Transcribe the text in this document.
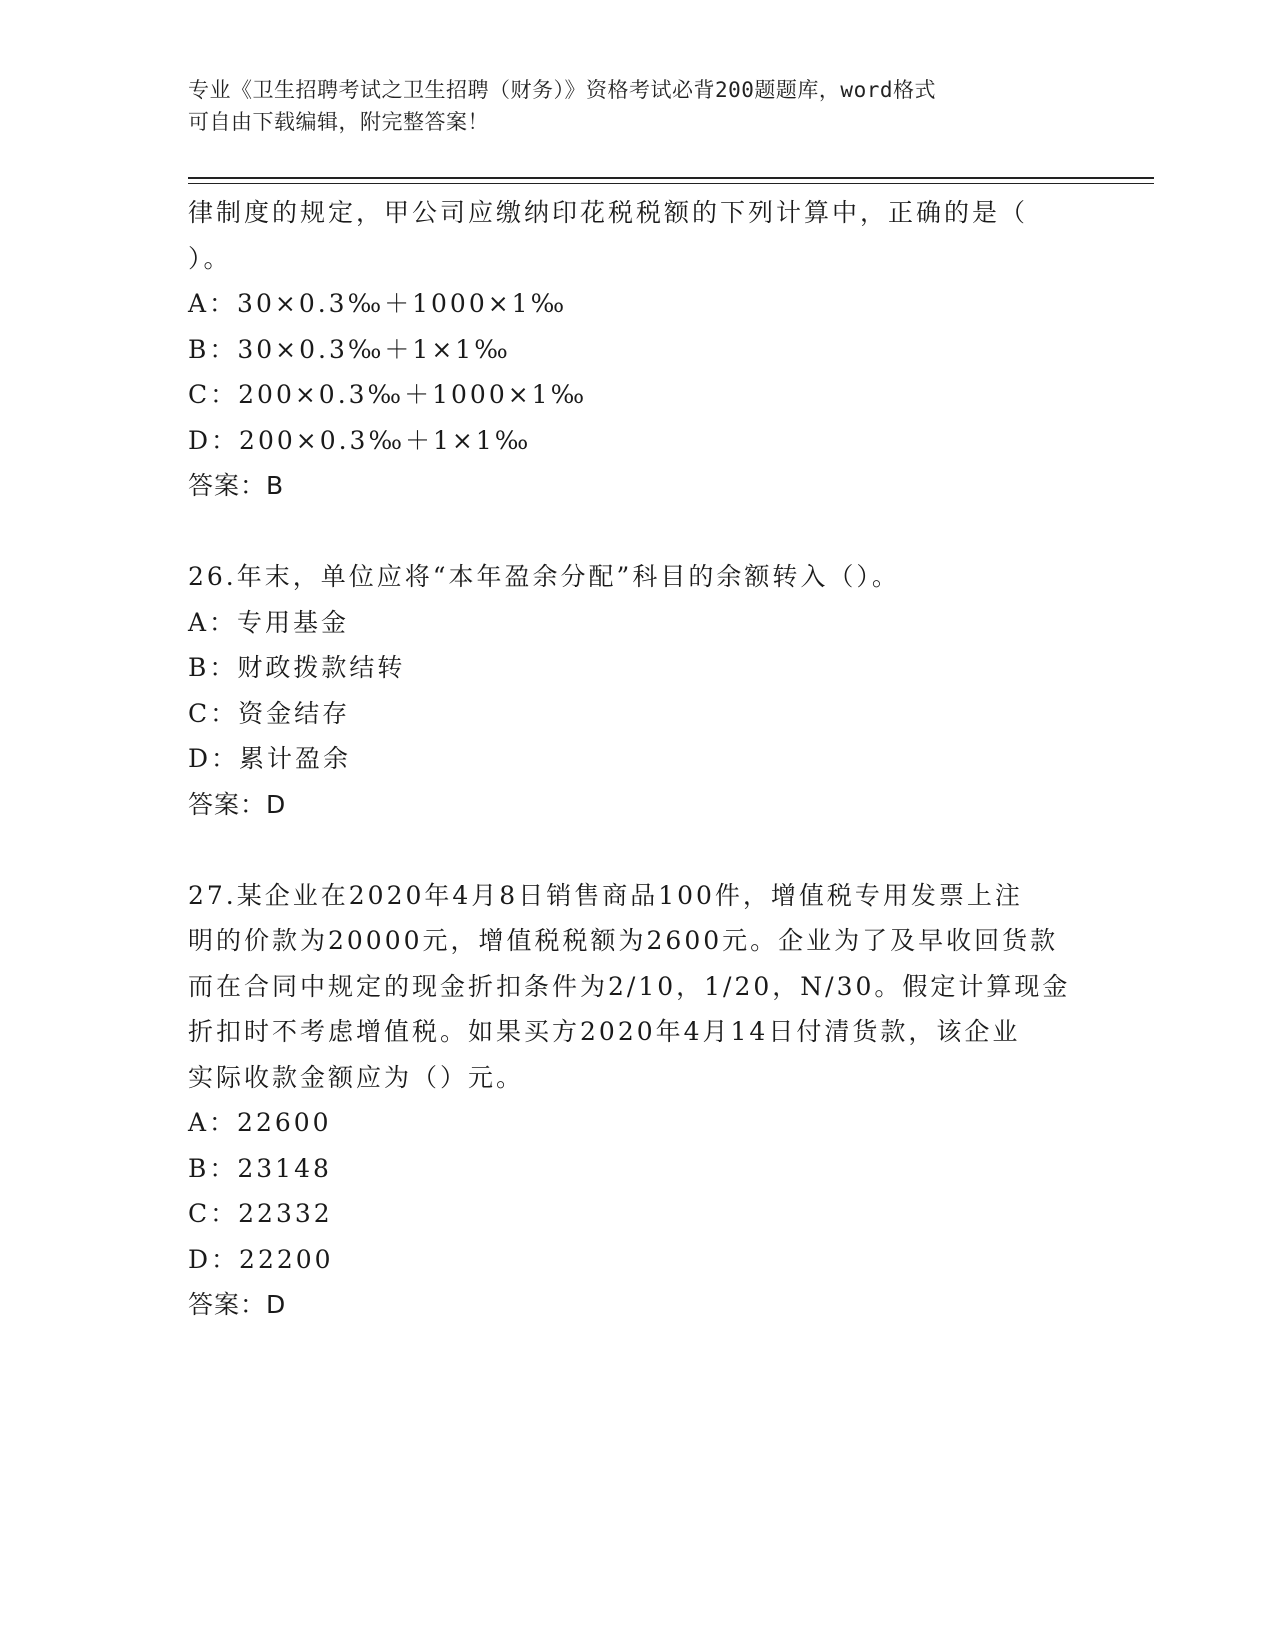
专业《卫生招聘考试之卫生招聘（财务）》资格考试必背200题题库，word格式
可自由下载编辑，附完整答案！
律制度的规定，甲公司应缴纳印花税税额的下列计算中，正确的是（
）。
A：30×0.3‰＋1000×1‰
B：30×0.3‰＋1×1‰
C：200×0.3‰＋1000×1‰
D：200×0.3‰＋1×1‰
答案：B
26.年末，单位应将“本年盈余分配”科目的余额转入（）。
A：专用基金
B：财政拨款结转
C：资金结存
D：累计盈余
答案：D
27.某企业在2020年4月8日销售商品100件，增值税专用发票上注
明的价款为20000元，增值税税额为2600元。企业为了及早收回货款
而在合同中规定的现金折扣条件为2/10，1/20，N/30。假定计算现金
折扣时不考虑增值税。如果买方2020年4月14日付清货款，该企业
实际收款金额应为（）元。
A：22600
B：23148
C：22332
D：22200
答案：D
